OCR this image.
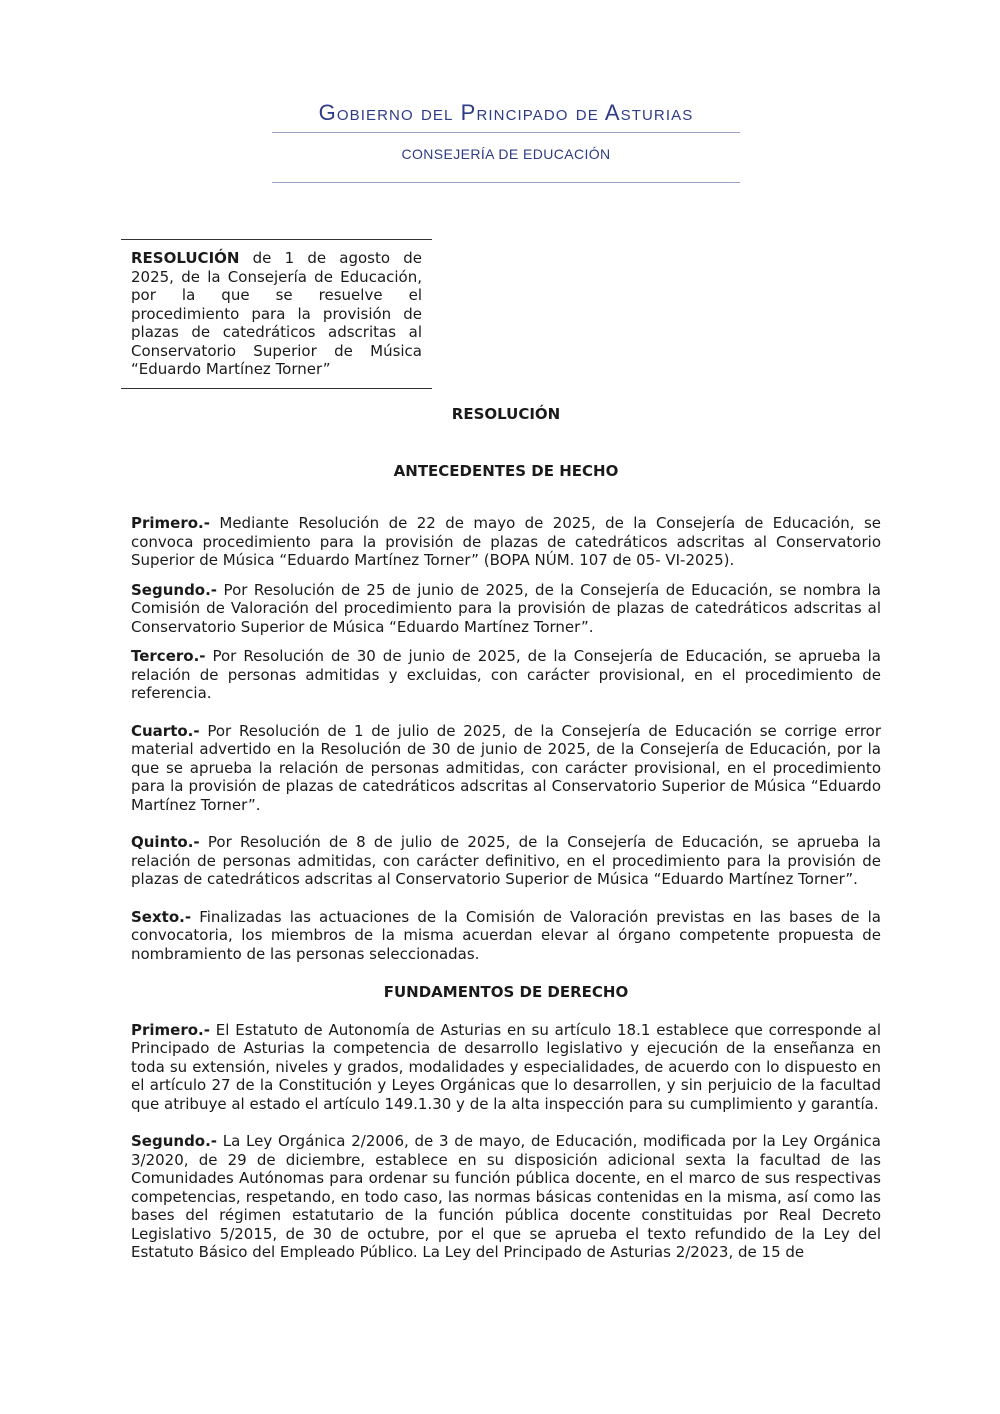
Gobierno del Principado de Asturias
CONSEJERÍA DE EDUCACIÓN
RESOLUCIÓN de 1 de agosto de 2025, de la Consejería de Educación, por la que se resuelve el procedimiento para la provisión de plazas de catedráticos adscritas al Conservatorio Superior de Música “Eduardo Martínez Torner”

RESOLUCIÓN

ANTECEDENTES DE HECHO

Primero.- Mediante Resolución de 22 de mayo de 2025, de la Consejería de Educación, se convoca procedimiento para la provisión de plazas de catedráticos adscritas al Conservatorio Superior de Música “Eduardo Martínez Torner” (BOPA NÚM. 107 de 05- VI-2025).

Segundo.- Por Resolución de 25 de junio de 2025, de la Consejería de Educación, se nombra la Comisión de Valoración del procedimiento para la provisión de plazas de catedráticos adscritas al Conservatorio Superior de Música “Eduardo Martínez Torner”.

Tercero.- Por Resolución de 30 de junio de 2025, de la Consejería de Educación, se aprueba la relación de personas admitidas y excluidas, con carácter provisional, en el procedimiento de referencia.

Cuarto.- Por Resolución de 1 de julio de 2025, de la Consejería de Educación se corrige error material advertido en la Resolución de 30 de junio de 2025, de la Consejería de Educación, por la que se aprueba la relación de personas admitidas, con carácter provisional, en el procedimiento para la provisión de plazas de catedráticos adscritas al Conservatorio Superior de Música “Eduardo Martínez Torner”.

Quinto.- Por Resolución de 8 de julio de 2025, de la Consejería de Educación, se aprueba la relación de personas admitidas, con carácter definitivo, en el procedimiento para la provisión de plazas de catedráticos adscritas al Conservatorio Superior de Música “Eduardo Martínez Torner”.

Sexto.- Finalizadas las actuaciones de la Comisión de Valoración previstas en las bases de la convocatoria, los miembros de la misma acuerdan elevar al órgano competente propuesta de nombramiento de las personas seleccionadas.

FUNDAMENTOS DE DERECHO

Primero.- El Estatuto de Autonomía de Asturias en su artículo 18.1 establece que corresponde al Principado de Asturias la competencia de desarrollo legislativo y ejecución de la enseñanza en toda su extensión, niveles y grados, modalidades y especialidades, de acuerdo con lo dispuesto en el artículo 27 de la Constitución y Leyes Orgánicas que lo desarrollen, y sin perjuicio de la facultad que atribuye al estado el artículo 149.1.30 y de la alta inspección para su cumplimiento y garantía.

Segundo.- La Ley Orgánica 2/2006, de 3 de mayo, de Educación, modificada por la Ley Orgánica 3/2020, de 29 de diciembre, establece en su disposición adicional sexta la facultad de las Comunidades Autónomas para ordenar su función pública docente, en el marco de sus respectivas competencias, respetando, en todo caso, las normas básicas contenidas en la misma, así como las bases del régimen estatutario de la función pública docente constituidas por Real Decreto Legislativo 5/2015, de 30 de octubre, por el que se aprueba el texto refundido de la Ley del Estatuto Básico del Empleado Público. La Ley del Principado de Asturias 2/2023, de 15 de
